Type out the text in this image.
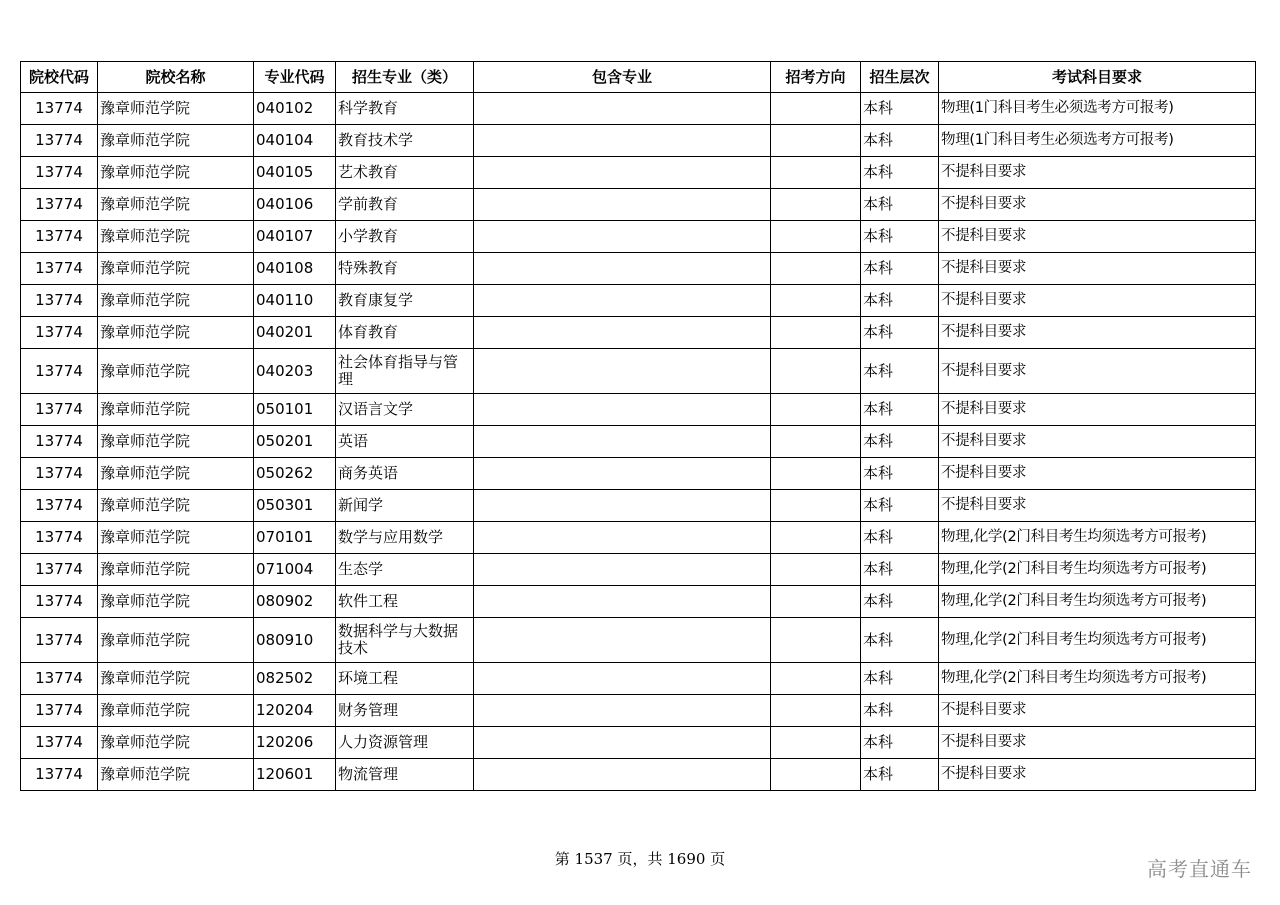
院校代码	院校名称	专业代码	招生专业（类）	包含专业	招考方向	招生层次	考试科目要求
13774	豫章师范学院	040102	科学教育			本科	物理(1门科目考生必须选考方可报考)
13774	豫章师范学院	040104	教育技术学			本科	物理(1门科目考生必须选考方可报考)
13774	豫章师范学院	040105	艺术教育			本科	不提科目要求
13774	豫章师范学院	040106	学前教育			本科	不提科目要求
13774	豫章师范学院	040107	小学教育			本科	不提科目要求
13774	豫章师范学院	040108	特殊教育			本科	不提科目要求
13774	豫章师范学院	040110	教育康复学			本科	不提科目要求
13774	豫章师范学院	040201	体育教育			本科	不提科目要求
13774	豫章师范学院	040203	社会体育指导与管理			本科	不提科目要求
13774	豫章师范学院	050101	汉语言文学			本科	不提科目要求
13774	豫章师范学院	050201	英语			本科	不提科目要求
13774	豫章师范学院	050262	商务英语			本科	不提科目要求
13774	豫章师范学院	050301	新闻学			本科	不提科目要求
13774	豫章师范学院	070101	数学与应用数学			本科	物理,化学(2门科目考生均须选考方可报考)
13774	豫章师范学院	071004	生态学			本科	物理,化学(2门科目考生均须选考方可报考)
13774	豫章师范学院	080902	软件工程			本科	物理,化学(2门科目考生均须选考方可报考)
13774	豫章师范学院	080910	数据科学与大数据技术			本科	物理,化学(2门科目考生均须选考方可报考)
13774	豫章师范学院	082502	环境工程			本科	物理,化学(2门科目考生均须选考方可报考)
13774	豫章师范学院	120204	财务管理			本科	不提科目要求
13774	豫章师范学院	120206	人力资源管理			本科	不提科目要求
13774	豫章师范学院	120601	物流管理			本科	不提科目要求
第 1537 页，共 1690 页	高考直通车
